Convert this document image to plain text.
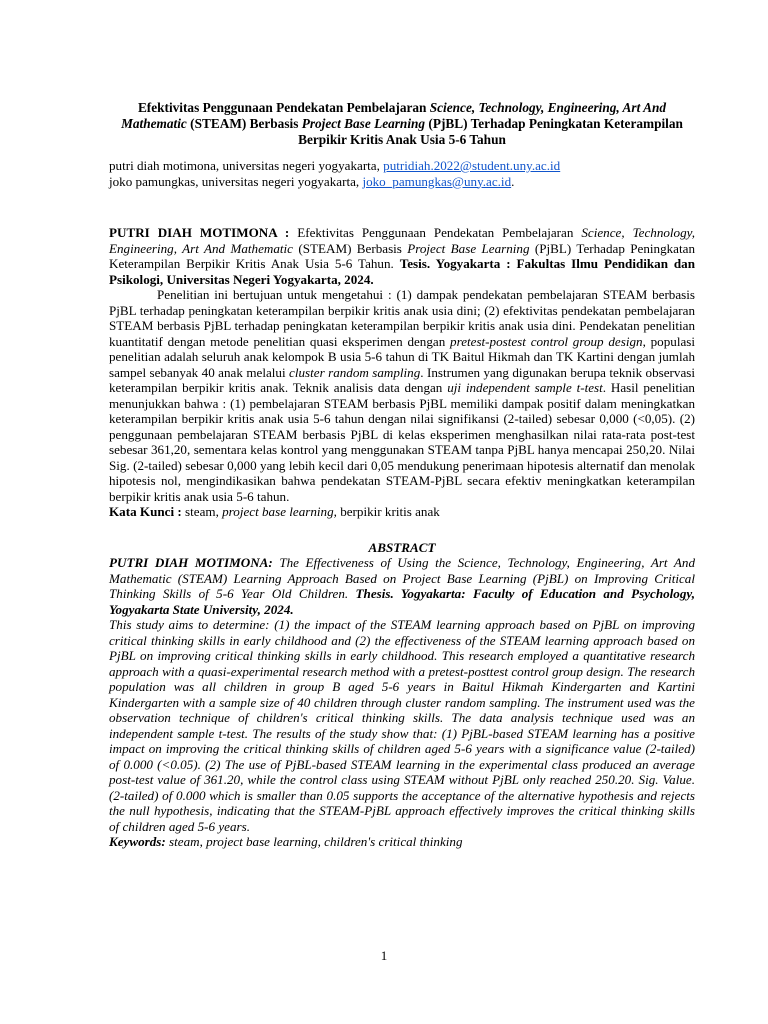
Efektivitas Penggunaan Pendekatan Pembelajaran Science, Technology, Engineering, Art And Mathematic (STEAM) Berbasis Project Base Learning (PjBL) Terhadap Peningkatan Keterampilan Berpikir Kritis Anak Usia 5-6 Tahun
putri diah motimona, universitas negeri yogyakarta, putridiah.2022@student.uny.ac.id
joko pamungkas, universitas negeri yogyakarta, joko_pamungkas@uny.ac.id.
PUTRI DIAH MOTIMONA : Efektivitas Penggunaan Pendekatan Pembelajaran Science, Technology, Engineering, Art And Mathematic (STEAM) Berbasis Project Base Learning (PjBL) Terhadap Peningkatan Keterampilan Berpikir Kritis Anak Usia 5-6 Tahun. Tesis. Yogyakarta : Fakultas Ilmu Pendidikan dan Psikologi, Universitas Negeri Yogyakarta, 2024.
Penelitian ini bertujuan untuk mengetahui : (1) dampak pendekatan pembelajaran STEAM berbasis PjBL terhadap peningkatan keterampilan berpikir kritis anak usia dini; (2) efektivitas pendekatan pembelajaran STEAM berbasis PjBL terhadap peningkatan keterampilan berpikir kritis anak usia dini. Pendekatan penelitian kuantitatif dengan metode penelitian quasi eksperimen dengan pretest-postest control group design, populasi penelitian adalah seluruh anak kelompok B usia 5-6 tahun di TK Baitul Hikmah dan TK Kartini dengan jumlah sampel sebanyak 40 anak melalui cluster random sampling. Instrumen yang digunakan berupa teknik observasi keterampilan berpikir kritis anak. Teknik analisis data dengan uji independent sample t-test. Hasil penelitian menunjukkan bahwa : (1) pembelajaran STEAM berbasis PjBL memiliki dampak positif dalam meningkatkan keterampilan berpikir kritis anak usia 5-6 tahun dengan nilai signifikansi (2-tailed) sebesar 0,000 (<0,05). (2) penggunaan pembelajaran STEAM berbasis PjBL di kelas eksperimen menghasilkan nilai rata-rata post-test sebesar 361,20, sementara kelas kontrol yang menggunakan STEAM tanpa PjBL hanya mencapai 250,20. Nilai Sig. (2-tailed) sebesar 0,000 yang lebih kecil dari 0,05 mendukung penerimaan hipotesis alternatif dan menolak hipotesis nol, mengindikasikan bahwa pendekatan STEAM-PjBL secara efektiv meningkatkan keterampilan berpikir kritis anak usia 5-6 tahun.
Kata Kunci : steam, project base learning, berpikir kritis anak
ABSTRACT
PUTRI DIAH MOTIMONA: The Effectiveness of Using the Science, Technology, Engineering, Art And Mathematic (STEAM) Learning Approach Based on Project Base Learning (PjBL) on Improving Critical Thinking Skills of 5-6 Year Old Children. Thesis. Yogyakarta: Faculty of Education and Psychology, Yogyakarta State University, 2024.
This study aims to determine: (1) the impact of the STEAM learning approach based on PjBL on improving critical thinking skills in early childhood and (2) the effectiveness of the STEAM learning approach based on PjBL on improving critical thinking skills in early childhood. This research employed a quantitative research approach with a quasi-experimental research method with a pretest-posttest control group design. The research population was all children in group B aged 5-6 years in Baitul Hikmah Kindergarten and Kartini Kindergarten with a sample size of 40 children through cluster random sampling. The instrument used was the observation technique of children's critical thinking skills. The data analysis technique used was an independent sample t-test. The results of the study show that: (1) PjBL-based STEAM learning has a positive impact on improving the critical thinking skills of children aged 5-6 years with a significance value (2-tailed) of 0.000 (<0.05). (2) The use of PjBL-based STEAM learning in the experimental class produced an average post-test value of 361.20, while the control class using STEAM without PjBL only reached 250.20. Sig. Value. (2-tailed) of 0.000 which is smaller than 0.05 supports the acceptance of the alternative hypothesis and rejects the null hypothesis, indicating that the STEAM-PjBL approach effectively improves the critical thinking skills of children aged 5-6 years.
Keywords: steam, project base learning, children's critical thinking
1
